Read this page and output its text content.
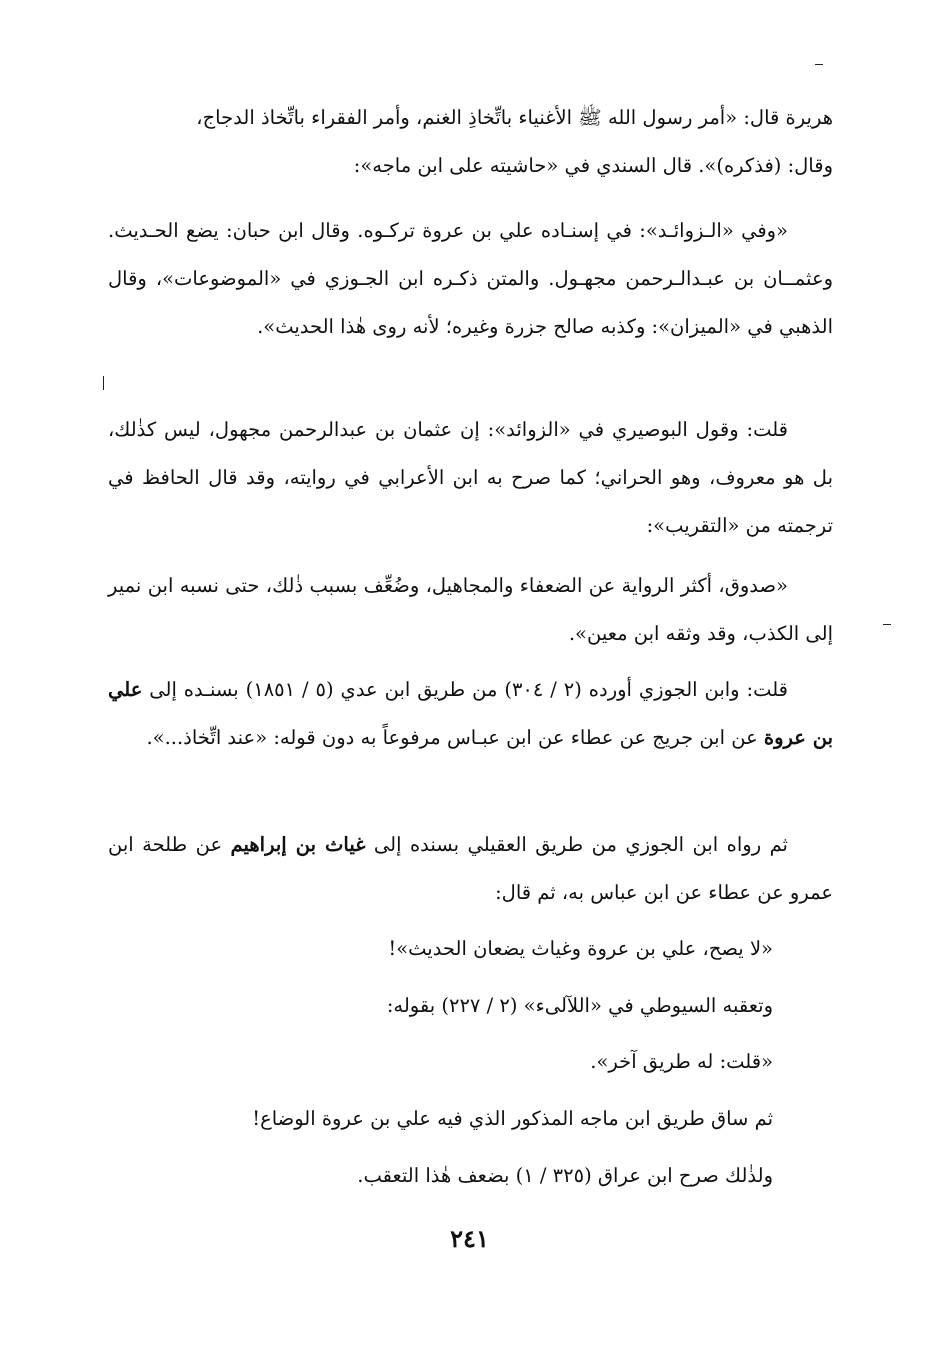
هريرة قال: «أمر رسول الله ﷺ الأغنياء باتِّخاذِ الغنم، وأمر الفقراء باتِّخاذ الدجاج،

وقال: (فذكره)». قال السندي في «حاشيته على ابن ماجه»:

«وفي «الـزوائـد»: في إسنـاده علي بن عروة تركـوه. وقال ابن حبان: يضع الحـديث. وعثمــان بن عبـدالـرحمن مجهـول. والمتن ذكـره ابن الجـوزي في «الموضوعات»، وقال الذهبي في «الميزان»: وكذبه صالح جزرة وغيره؛ لأنه روى هٰذا الحديث».

قلت: وقول البوصيري في «الزوائد»: إن عثمان بن عبدالرحمن مجهول، ليس كذٰلك، بل هو معروف، وهو الحراني؛ كما صرح به ابن الأعرابي في روايته، وقد قال الحافظ في ترجمته من «التقريب»:

«صدوق، أكثر الرواية عن الضعفاء والمجاهيل، وضُعِّف بسبب ذٰلك، حتى نسبه ابن نمير إلى الكذب، وقد وثقه ابن معين».

قلت: وابن الجوزي أورده (٢ / ٣٠٤) من طريق ابن عدي (٥ / ١٨٥١) بسنـده إلى علي بن عروة عن ابن جريج عن عطاء عن ابن عبـاس مرفوعاً به دون قوله: «عند اتِّخاذ...».

ثم رواه ابن الجوزي من طريق العقيلي بسنده إلى غياث بن إبراهيم عن طلحة ابن عمرو عن عطاء عن ابن عباس به، ثم قال:

«لا يصح، علي بن عروة وغياث يضعان الحديث»!

وتعقبه السيوطي في «اللآلىء» (٢ / ٢٢٧) بقوله:

«قلت: له طريق آخر».

ثم ساق طريق ابن ماجه المذكور الذي فيه علي بن عروة الوضاع!

ولذٰلك صرح ابن عراق (٣٢٥ / ١) بضعف هٰذا التعقب.

٢٤١
